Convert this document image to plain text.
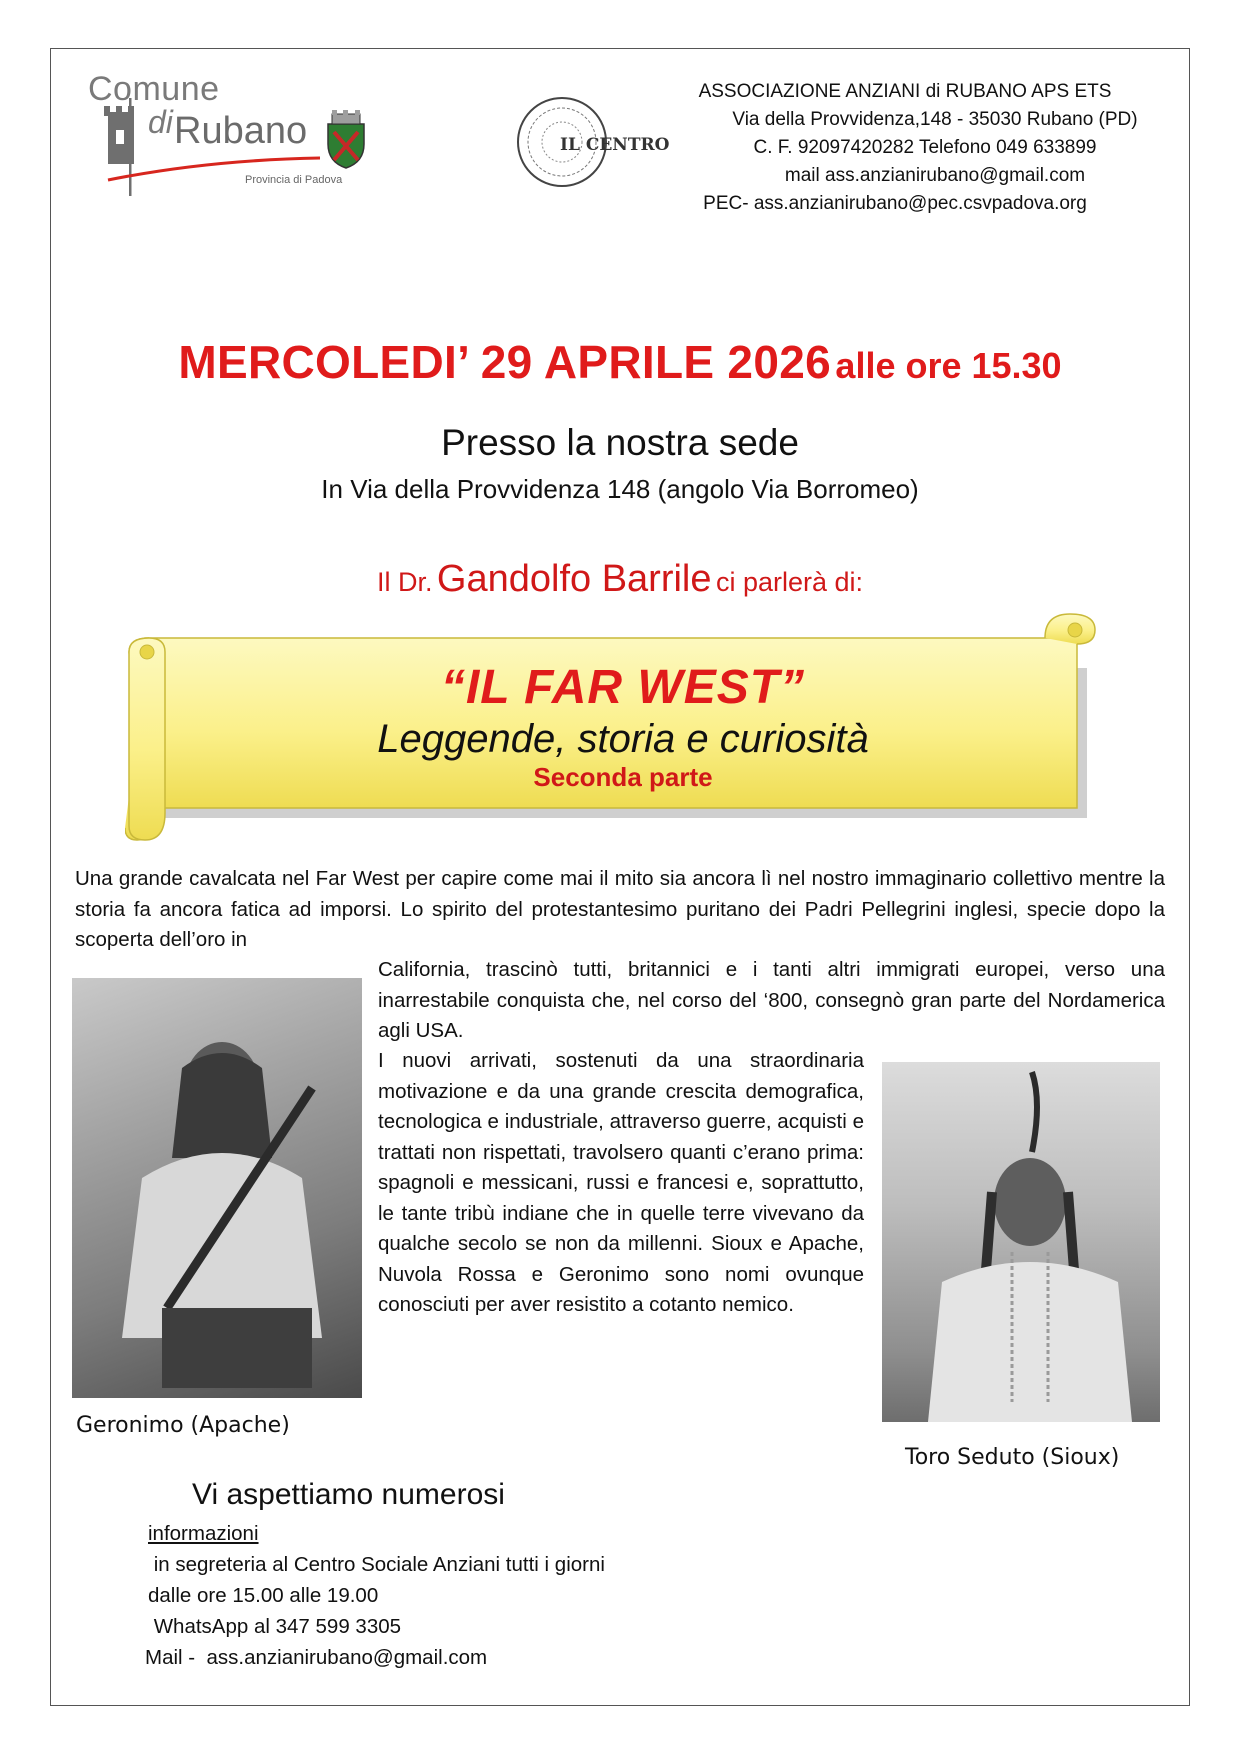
Comune
di Rubano
Provincia di Padova
IL CENTRO
ASSOCIAZIONE ANZIANI di RUBANO APS ETS
Via della Provvidenza,148 - 35030 Rubano (PD)
C. F. 92097420282 Telefono 049 633899
mail ass.anzianirubano@gmail.com
PEC- ass.anzianirubano@pec.csvpadova.org
MERCOLEDI’ 29 APRILE 2026 alle ore 15.30
Presso la nostra sede
In Via della Provvidenza 148 (angolo Via Borromeo)
Il Dr. Gandolfo Barrile ci parlerà di:
“IL FAR WEST”
Leggende, storia e curiosità
Seconda parte
Una grande cavalcata nel Far West per capire come mai il mito sia ancora lì nel nostro immaginario collettivo mentre la storia fa ancora fatica ad imporsi. Lo spirito del protestantesimo puritano dei Padri Pellegrini inglesi, specie dopo la scoperta dell’oro in
California, trascinò tutti, britannici e i tanti altri immigrati europei, verso una inarrestabile conquista che, nel corso del ‘800, consegnò gran parte del Nordamerica agli USA.
I nuovi arrivati, sostenuti da una straordinaria motivazione e da una grande crescita demografica, tecnologica e industriale, attraverso guerre, acquisti e trattati non rispettati, travolsero quanti c’erano prima: spagnoli e messicani, russi e francesi e, soprattutto, le tante tribù indiane che in quelle terre vivevano da qualche secolo se non da millenni. Sioux e Apache, Nuvola Rossa e Geronimo sono nomi ovunque conosciuti per aver resistito a cotanto nemico.
Geronimo (Apache)
Toro Seduto (Sioux)
Vi aspettiamo numerosi
informazioni
in segreteria al Centro Sociale Anziani tutti i giorni
dalle ore 15.00 alle 19.00
WhatsApp al 347 599 3305
Mail -  ass.anzianirubano@gmail.com
